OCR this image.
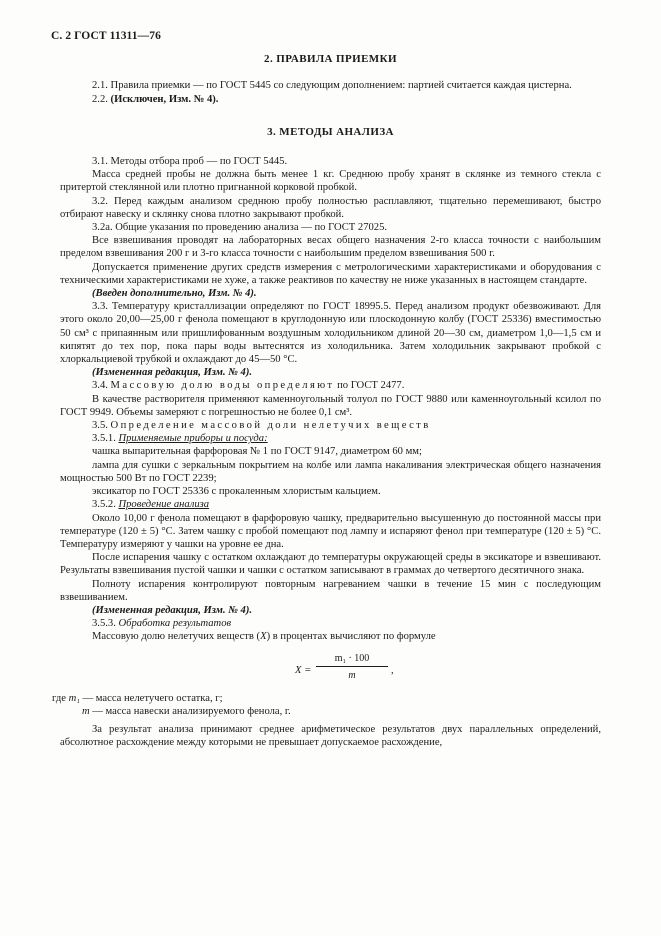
С. 2 ГОСТ 11311—76
2. ПРАВИЛА ПРИЕМКИ

2.1. Правила приемки — по ГОСТ 5445 со следующим дополнением: партией считается каждая цистерна.

2.2. (Исключен, Изм. № 4).

3. МЕТОДЫ АНАЛИЗА

3.1. Методы отбора проб — по ГОСТ 5445.

Масса средней пробы не должна быть менее 1 кг. Среднюю пробу хранят в склянке из темного стекла с притертой стеклянной или плотно пригнанной корковой пробкой.

3.2. Перед каждым анализом среднюю пробу полностью расплавляют, тщательно перемешивают, быстро отбирают навеску и склянку снова плотно закрывают пробкой.

3.2а. Общие указания по проведению анализа — по ГОСТ 27025.

Все взвешивания проводят на лабораторных весах общего назначения 2-го класса точности с наибольшим пределом взвешивания 200 г и 3-го класса точности с наибольшим пределом взвешивания 500 г.

Допускается применение других средств измерения с метрологическими характеристиками и оборудования с техническими характеристиками не хуже, а также реактивов по качеству не ниже указанных в настоящем стандарте.

(Введен дополнительно, Изм. № 4).

3.3. Температуру кристаллизации определяют по ГОСТ 18995.5. Перед анализом продукт обезвоживают. Для этого около 20,00—25,00 г фенола помещают в круглодонную или плоскодонную колбу (ГОСТ 25336) вместимостью 50 см³ с припаянным или пришлифованным воздушным холодильником длиной 20—30 см, диаметром 1,0—1,5 см и кипятят до тех пор, пока пары воды вытеснятся из холодильника. Затем холодильник закрывают пробкой с хлоркальциевой трубкой и охлаждают до 45—50 °С.

(Измененная редакция, Изм. № 4).

3.4. Массовую долю воды определяют по ГОСТ 2477.

В качестве растворителя применяют каменноугольный толуол по ГОСТ 9880 или каменноугольный ксилол по ГОСТ 9949. Объемы замеряют с погрешностью не более 0,1 см³.

3.5. Определение массовой доли нелетучих веществ

3.5.1. Применяемые приборы и посуда:

чашка выпарительная фарфоровая № 1 по ГОСТ 9147, диаметром 60 мм;

лампа для сушки с зеркальным покрытием на колбе или лампа накаливания электрическая общего назначения мощностью 500 Вт по ГОСТ 2239;

эксикатор по ГОСТ 25336 с прокаленным хлористым кальцием.

3.5.2. Проведение анализа

Около 10,00 г фенола помещают в фарфоровую чашку, предварительно высушенную до постоянной массы при температуре (120 ± 5) °С. Затем чашку с пробой помещают под лампу и испаряют фенол при температуре (120 ± 5) °С. Температуру измеряют у чашки на уровне ее дна.

После испарения чашку с остатком охлаждают до температуры окружающей среды в эксикаторе и взвешивают. Результаты взвешивания пустой чашки и чашки с остатком записывают в граммах до четвертого десятичного знака.

Полноту испарения контролируют повторным нагреванием чашки в течение 15 мин с последующим взвешиванием.

(Измененная редакция, Изм. № 4).

3.5.3. Обработка результатов

Массовую долю нелетучих веществ (X) в процентах вычисляют по формуле

X =
m₁ · 100
m	,

где m₁ — масса нелетучего остатка, г;

m — масса навески анализируемого фенола, г.

За результат анализа принимают среднее арифметическое результатов двух параллельных определений, абсолютное расхождение между которыми не превышает допускаемое расхождение,
